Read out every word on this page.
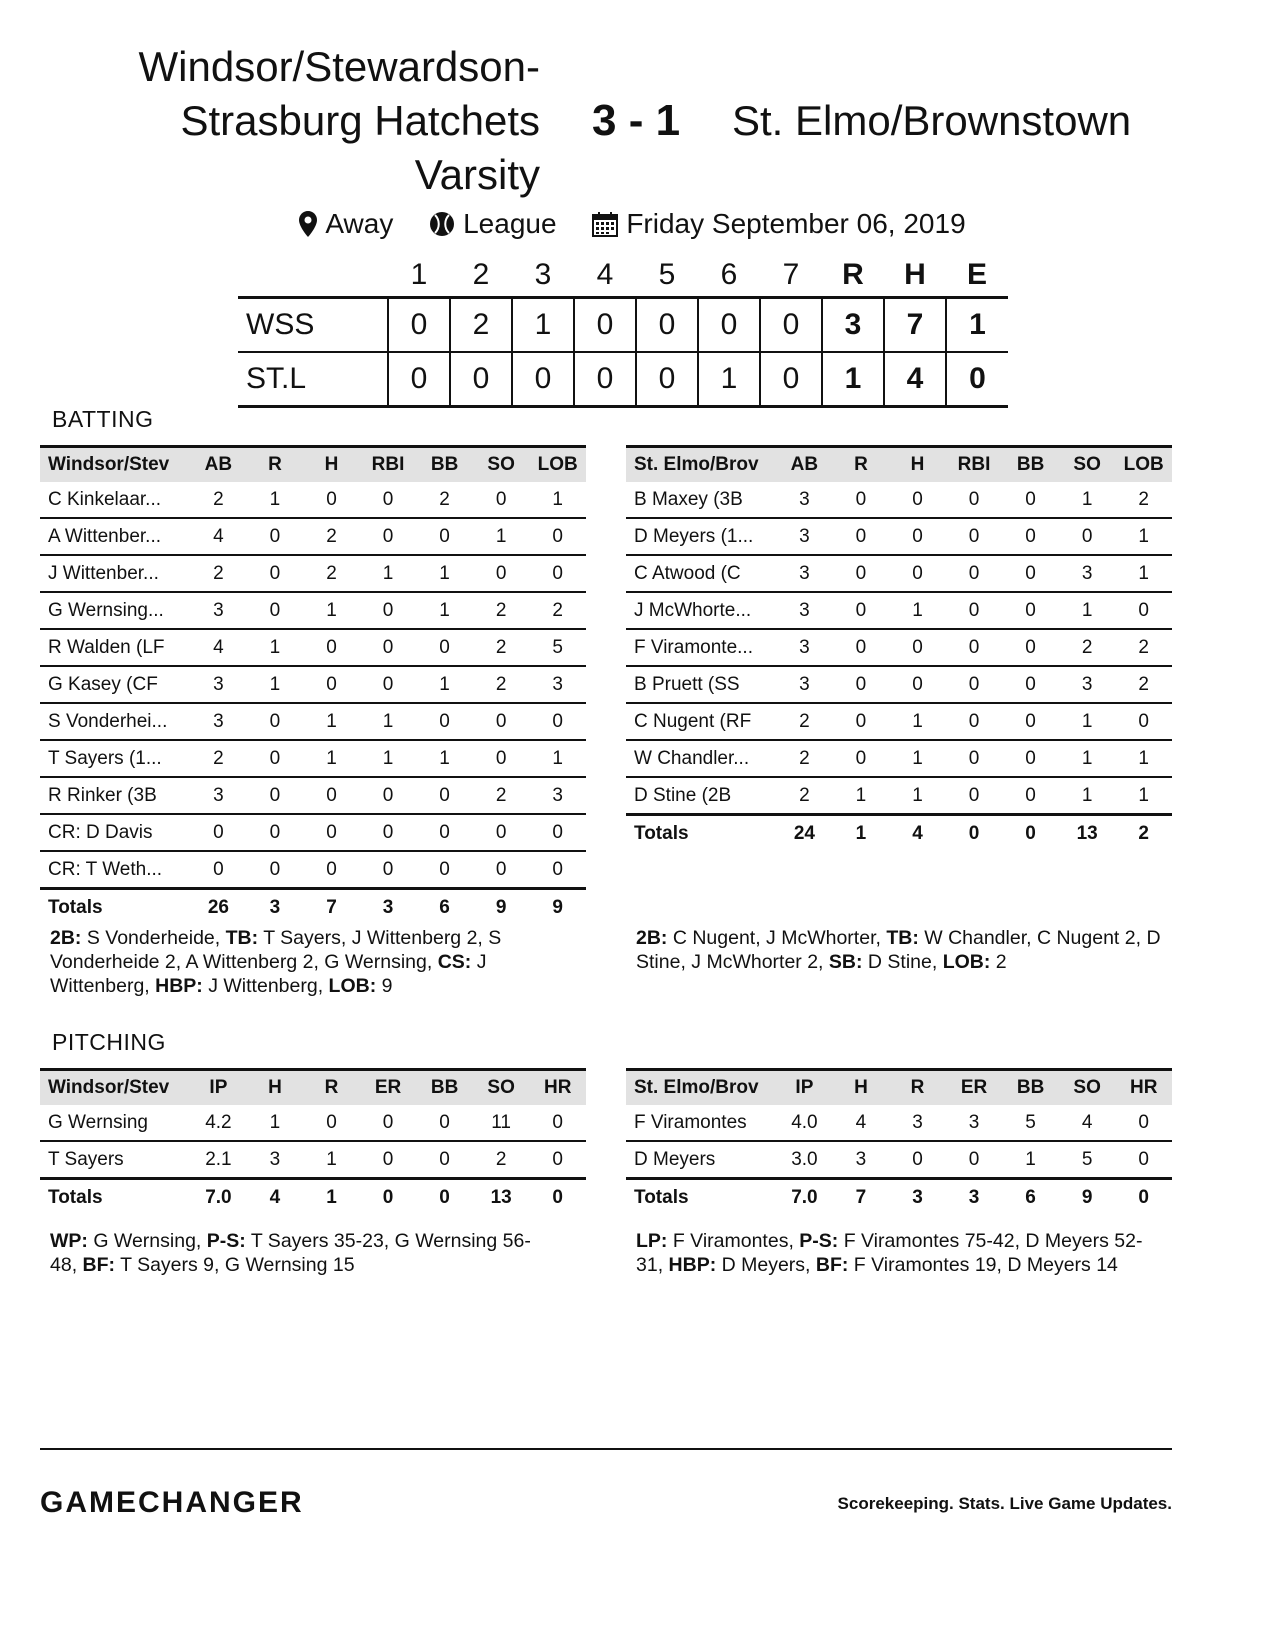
Windsor/Stewardson-
Strasburg Hatchets
Varsity
3 - 1 St. Elmo/Brownstown
Away
League
Friday September 06, 2019
	1	2	3	4	5	6	7	R	H	E
WSS	0	2	1	0	0	0	0	3	7	1
ST.L	0	0	0	0	0	1	0	1	4	0
BATTING
Windsor/Stev	AB	R	H	RBI	BB	SO	LOB
C Kinkelaar...	2	1	0	0	2	0	1
A Wittenber...	4	0	2	0	0	1	0
J Wittenber...	2	0	2	1	1	0	0
G Wernsing...	3	0	1	0	1	2	2
R Walden (LF	4	1	0	0	0	2	5
G Kasey (CF	3	1	0	0	1	2	3
S Vonderhei...	3	0	1	1	0	0	0
T Sayers (1...	2	0	1	1	1	0	1
R Rinker (3B	3	0	0	0	0	2	3
CR: D Davis	0	0	0	0	0	0	0
CR: T Weth...	0	0	0	0	0	0	0
Totals	26	3	7	3	6	9	9
St. Elmo/Brov	AB	R	H	RBI	BB	SO	LOB
B Maxey (3B	3	0	0	0	0	1	2
D Meyers (1...	3	0	0	0	0	0	1
C Atwood (C	3	0	0	0	0	3	1
J McWhorte...	3	0	1	0	0	1	0
F Viramonte...	3	0	0	0	0	2	2
B Pruett (SS	3	0	0	0	0	3	2
C Nugent (RF	2	0	1	0	0	1	0
W Chandler...	2	0	1	0	0	1	1
D Stine (2B	2	1	1	0	0	1	1
Totals	24	1	4	0	0	13	2
2B: S Vonderheide, TB: T Sayers, J Wittenberg 2, S Vonderheide 2, A Wittenberg 2, G Wernsing, CS: J Wittenberg, HBP: J Wittenberg, LOB: 9
2B: C Nugent, J McWhorter, TB: W Chandler, C Nugent 2, D Stine, J McWhorter 2, SB: D Stine, LOB: 2
PITCHING
Windsor/Stev	IP	H	R	ER	BB	SO	HR
G Wernsing	4.2	1	0	0	0	11	0
T Sayers	2.1	3	1	0	0	2	0
Totals	7.0	4	1	0	0	13	0
St. Elmo/Brov	IP	H	R	ER	BB	SO	HR
F Viramontes	4.0	4	3	3	5	4	0
D Meyers	3.0	3	0	0	1	5	0
Totals	7.0	7	3	3	6	9	0
WP: G Wernsing, P-S: T Sayers 35-23, G Wernsing 56-48, BF: T Sayers 9, G Wernsing 15
LP: F Viramontes, P-S: F Viramontes 75-42, D Meyers 52-31, HBP: D Meyers, BF: F Viramontes 19, D Meyers 14
GAMECHANGER	Scorekeeping. Stats. Live Game Updates.
